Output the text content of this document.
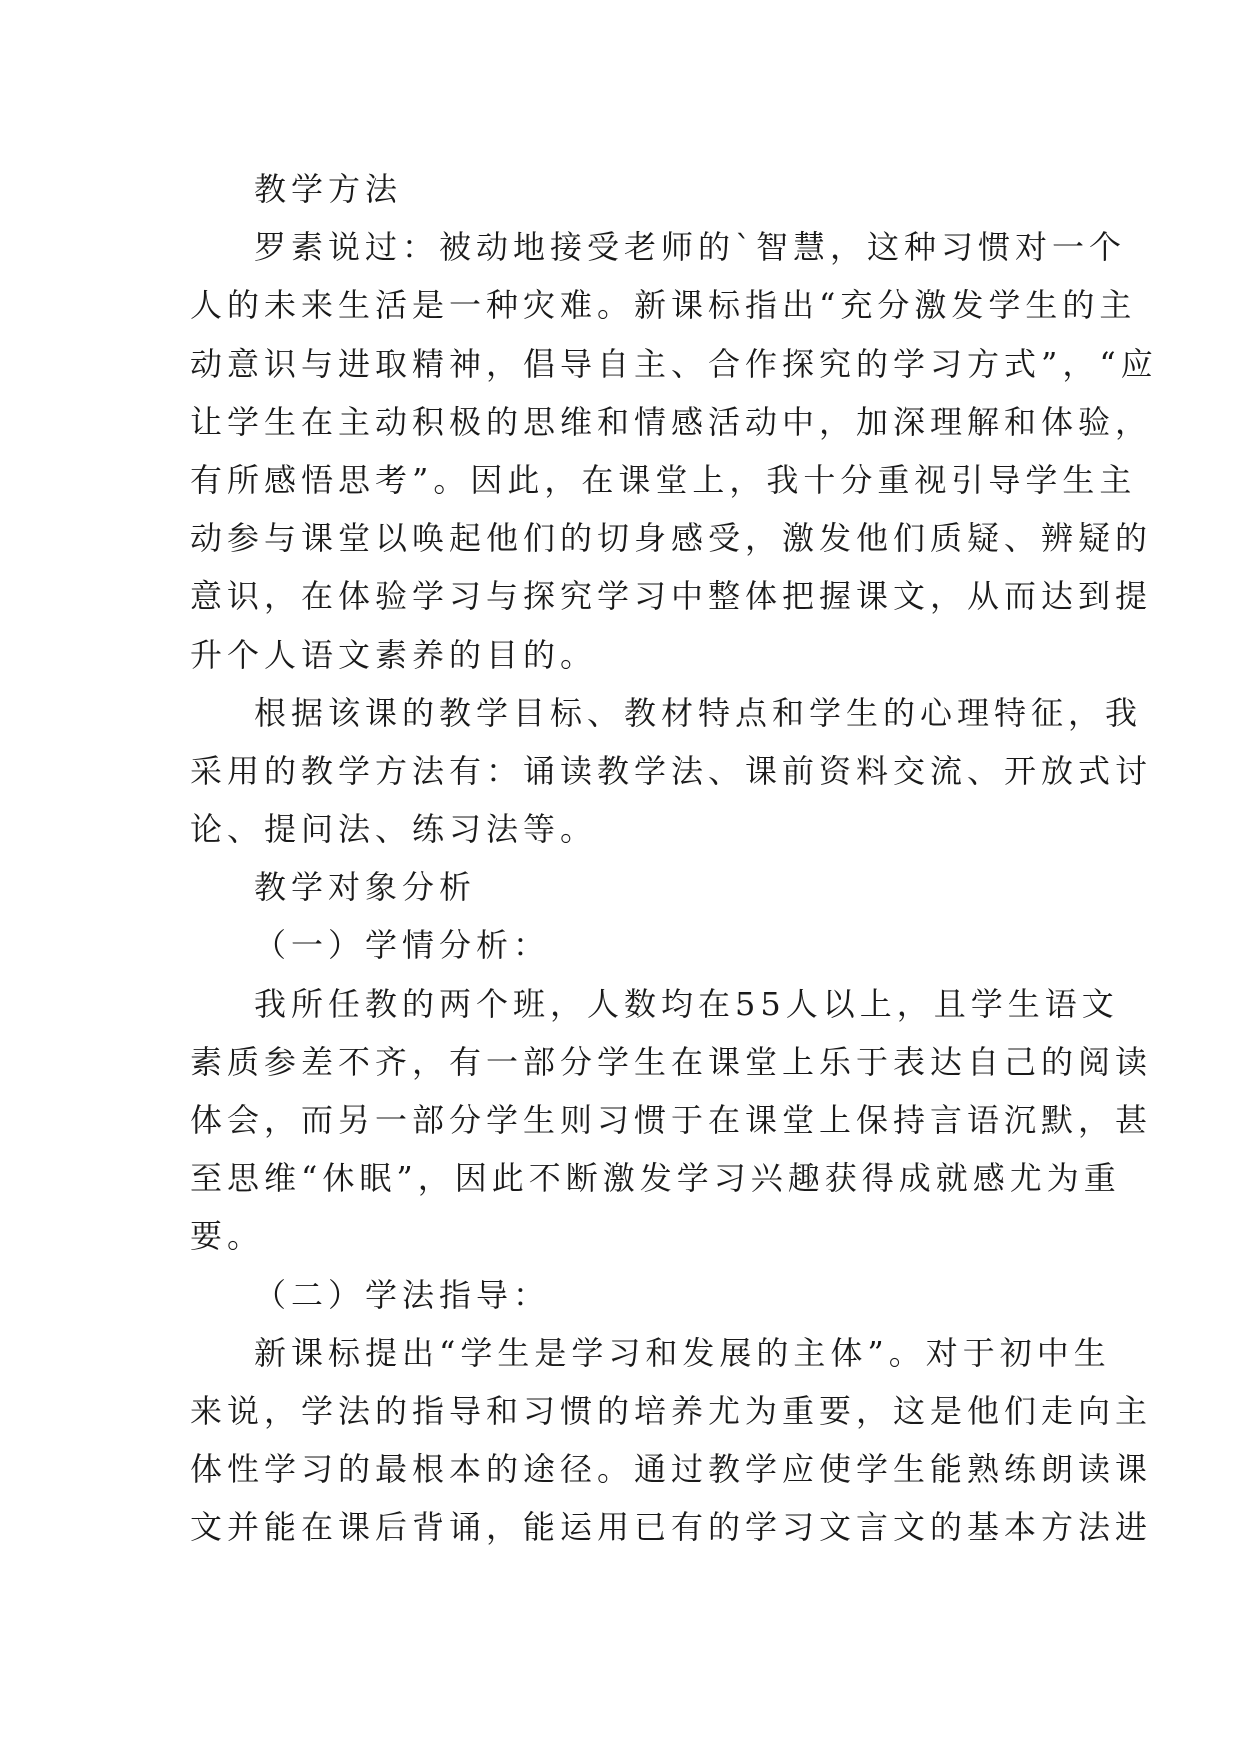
教学方法
罗素说过：被动地接受老师的`智慧，这种习惯对一个
人的未来生活是一种灾难。新课标指出“充分激发学生的主
动意识与进取精神，倡导自主、合作探究的学习方式”，“应
让学生在主动积极的思维和情感活动中，加深理解和体验，
有所感悟思考”。因此，在课堂上，我十分重视引导学生主
动参与课堂以唤起他们的切身感受，激发他们质疑、辨疑的
意识，在体验学习与探究学习中整体把握课文，从而达到提
升个人语文素养的目的。
根据该课的教学目标、教材特点和学生的心理特征，我
采用的教学方法有：诵读教学法、课前资料交流、开放式讨
论、提问法、练习法等。
教学对象分析
（一）学情分析：
我所任教的两个班，人数均在55人以上，且学生语文
素质参差不齐，有一部分学生在课堂上乐于表达自己的阅读
体会，而另一部分学生则习惯于在课堂上保持言语沉默，甚
至思维“休眠”，因此不断激发学习兴趣获得成就感尤为重
要。
（二）学法指导：
新课标提出“学生是学习和发展的主体”。对于初中生
来说，学法的指导和习惯的培养尤为重要，这是他们走向主
体性学习的最根本的途径。通过教学应使学生能熟练朗读课
文并能在课后背诵，能运用已有的学习文言文的基本方法进
